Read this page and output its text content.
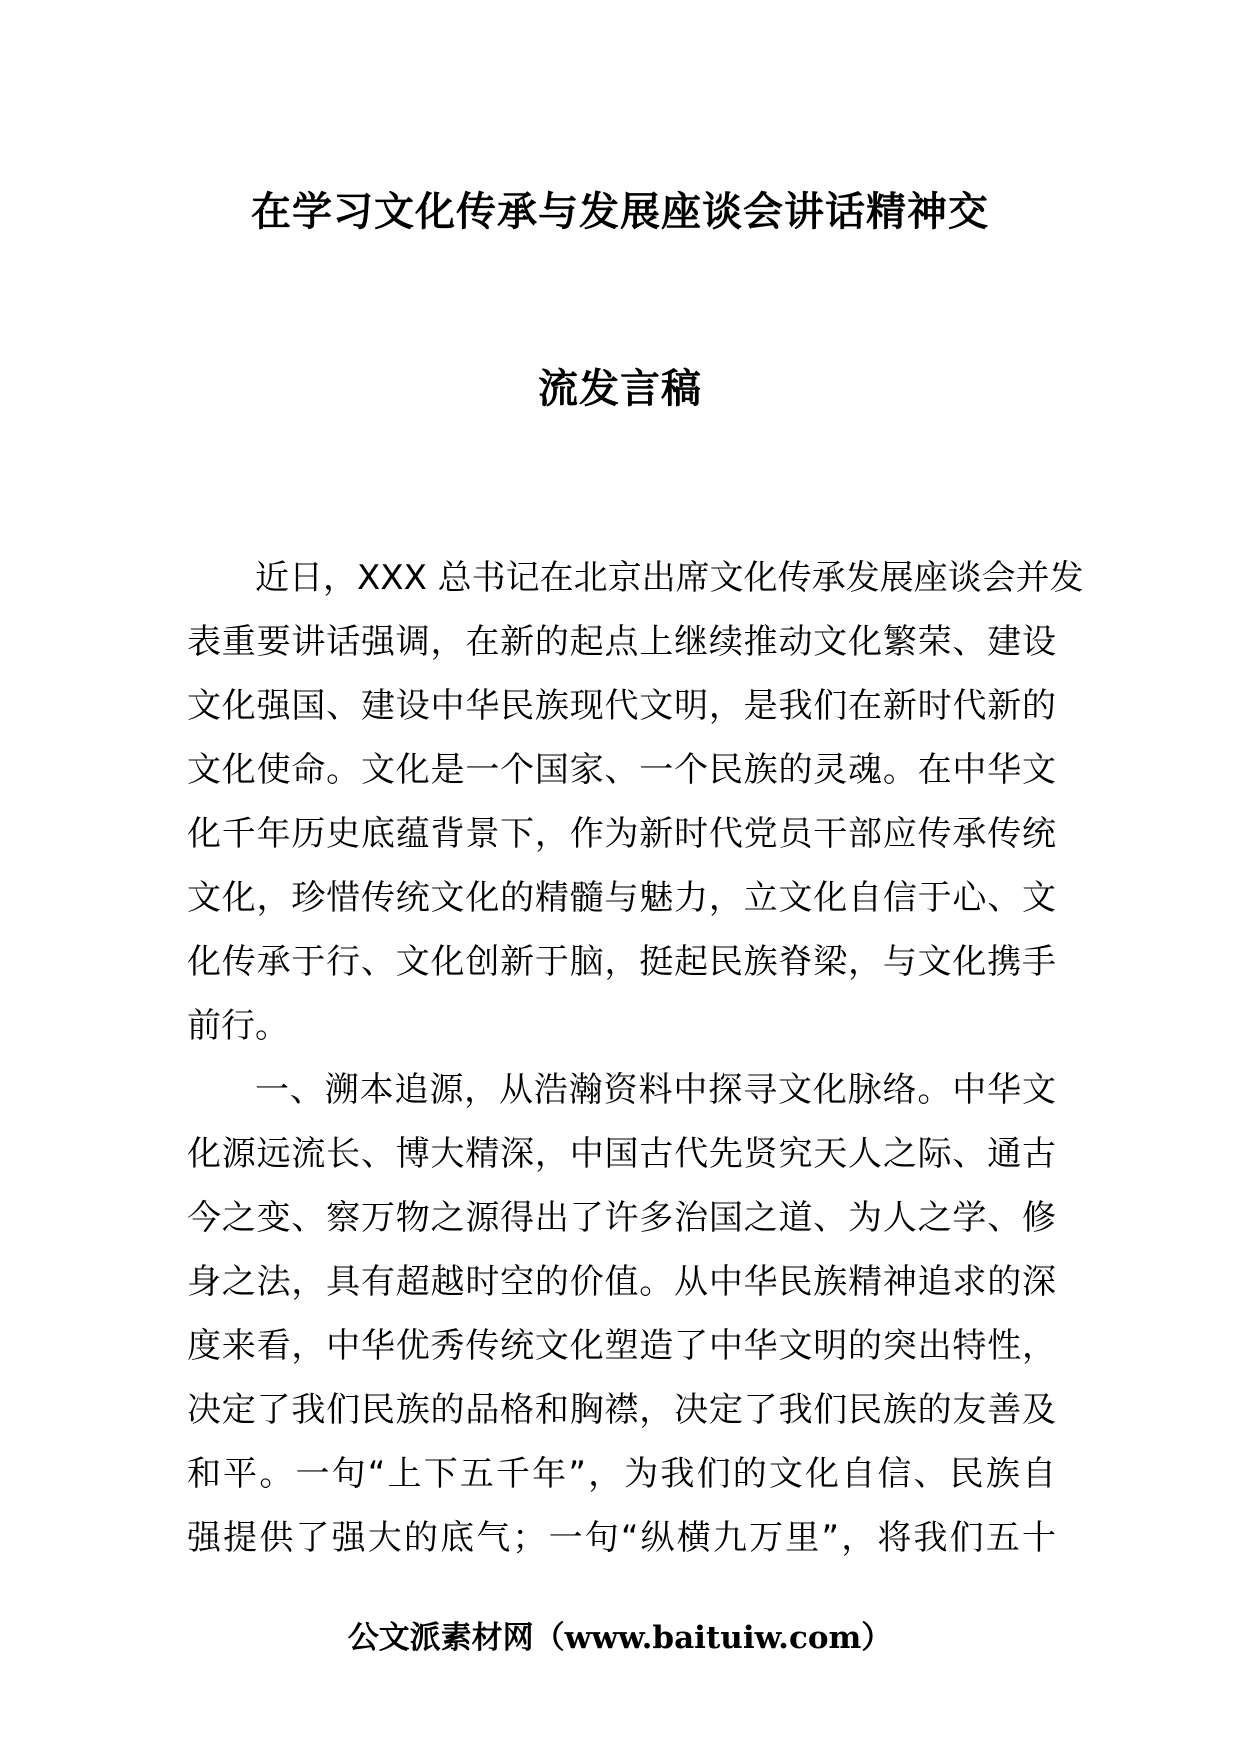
在学习文化传承与发展座谈会讲话精神交
流发言稿
近日，XXX 总书记在北京出席文化传承发展座谈会并发
表重要讲话强调，在新的起点上继续推动文化繁荣、建设
文化强国、建设中华民族现代文明，是我们在新时代新的
文化使命。文化是一个国家、一个民族的灵魂。在中华文
化千年历史底蕴背景下，作为新时代党员干部应传承传统
文化，珍惜传统文化的精髓与魅力，立文化自信于心、文
化传承于行、文化创新于脑，挺起民族脊梁，与文化携手
前行。
一、溯本追源，从浩瀚资料中探寻文化脉络。中华文
化源远流长、博大精深，中国古代先贤究天人之际、通古
今之变、察万物之源得出了许多治国之道、为人之学、修
身之法，具有超越时空的价值。从中华民族精神追求的深
度来看，中华优秀传统文化塑造了中华文明的突出特性，
决定了我们民族的品格和胸襟，决定了我们民族的友善及
和平。一句“上下五千年”，为我们的文化自信、民族自
强提供了强大的底气；一句“纵横九万里”，将我们五十
公文派素材网（www.baituiw.com）
